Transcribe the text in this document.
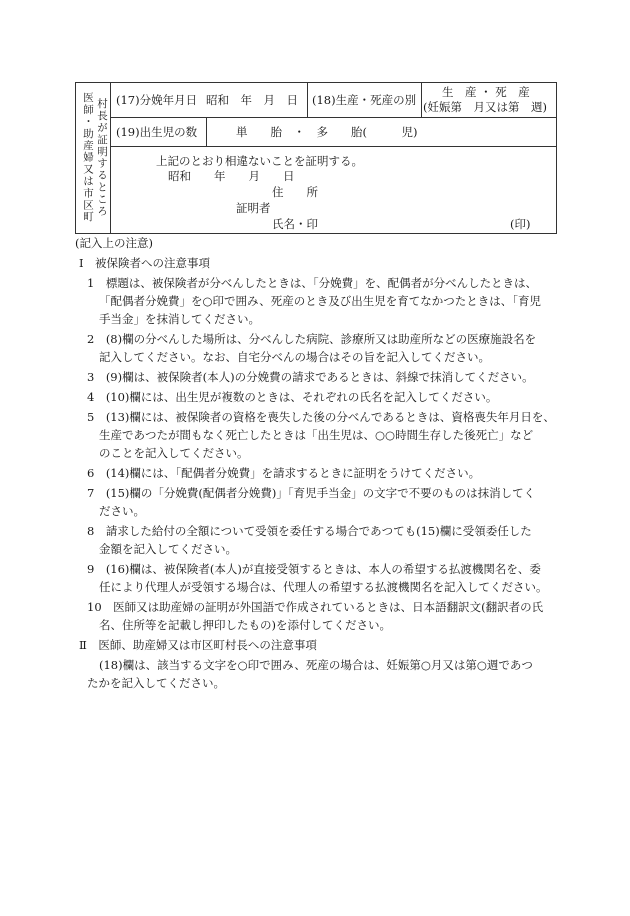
村長が証明するところ
医師・助産婦又は市区町 (17)分娩年月日 昭和　年　月　日 (18)生産・死産の別
生　産 ・ 死　産
(妊娠第　月又は第　週)
(19)出生児の数	単　　胎　・　多　　胎(　　　児)
上記のとおり相違ないことを証明する。
昭和　　年　　月　　日
住　　所
証明者
氏名・印	(印)
(記入上の注意)
Ⅰ　被保険者への注意事項
1　標題は、被保険者が分べんしたときは、「分娩費」を、配偶者が分べんしたときは、
「配偶者分娩費」を○印で囲み、死産のとき及び出生児を育てなかつたときは、「育児
手当金」を抹消してください。
2　(8)欄の分べんした場所は、分べんした病院、診療所又は助産所などの医療施設名を
記入してください。なお、自宅分べんの場合はその旨を記入してください。
3　(9)欄は、被保険者(本人)の分娩費の請求であるときは、斜線で抹消してください。
4　(10)欄には、出生児が複数のときは、それぞれの氏名を記入してください。
5　(13)欄には、被保険者の資格を喪失した後の分べんであるときは、資格喪失年月日を、
生産であつたが間もなく死亡したときは「出生児は、○○時間生存した後死亡」など
のことを記入してください。
6　(14)欄には、「配偶者分娩費」を請求するときに証明をうけてください。
7　(15)欄の「分娩費(配偶者分娩費)」「育児手当金」の文字で不要のものは抹消してく
ださい。
8　請求した給付の全額について受領を委任する場合であつても(15)欄に受領委任した
金額を記入してください。
9　(16)欄は、被保険者(本人)が直接受領するときは、本人の希望する払渡機関名を、委
任により代理人が受領する場合は、代理人の希望する払渡機関名を記入してください。
10　医師又は助産婦の証明が外国語で作成されているときは、日本語翻訳文(翻訳者の氏
名、住所等を記載し押印したもの)を添付してください。
Ⅱ　医師、助産婦又は市区町村長への注意事項
(18)欄は、該当する文字を○印で囲み、死産の場合は、妊娠第○月又は第○週であつ
たかを記入してください。
